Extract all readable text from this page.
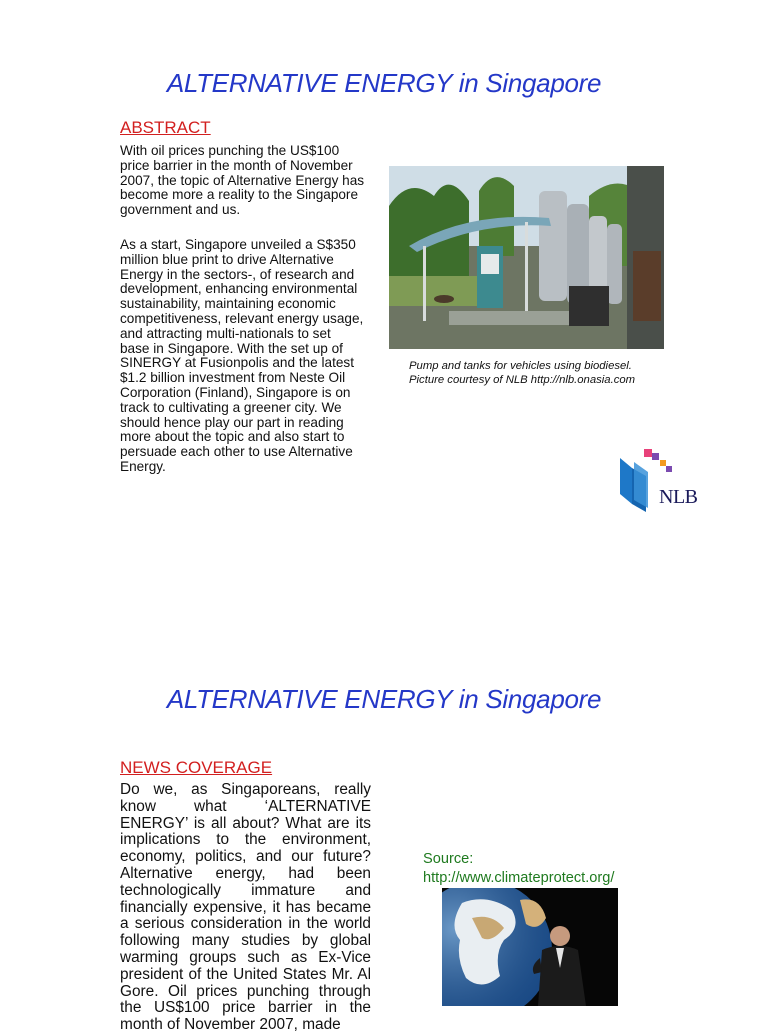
ALTERNATIVE ENERGY in Singapore
ABSTRACT

With oil prices punching the US$100 price barrier in the month of November 2007, the topic of Alternative Energy has become more a reality to the Singapore government and us.

As a start, Singapore unveiled a S$350 million blue print to drive Alternative Energy in the sectors-, of research and development, enhancing environmental sustainability, maintaining economic competitiveness, relevant energy usage, and attracting multi-nationals to set base in Singapore. With the set up of SINERGY at Fusionpolis and the latest $1.2 billion investment from Neste Oil Corporation (Finland), Singapore is on track to cultivating a greener city. We should hence play our part in reading more about the topic and also start to persuade each other to use Alternative Energy.

Pump and tanks for vehicles using biodiesel.
Picture courtesy of NLB http://nlb.onasia.com
NLB
ALTERNATIVE ENERGY in Singapore
NEWS COVERAGE

Do we, as Singaporeans, really know what ‘ALTERNATIVE ENERGY’ is all about? What are its implications to the environment, economy, politics, and our future? Alternative energy, had been technologically immature and financially expensive, it has became a serious consideration in the world following many studies by global warming groups such as Ex-Vice president of the United States Mr. Al Gore. Oil prices punching through the US$100 price barrier in the month of November 2007, made

Source:
http://www.climateprotect.org/
